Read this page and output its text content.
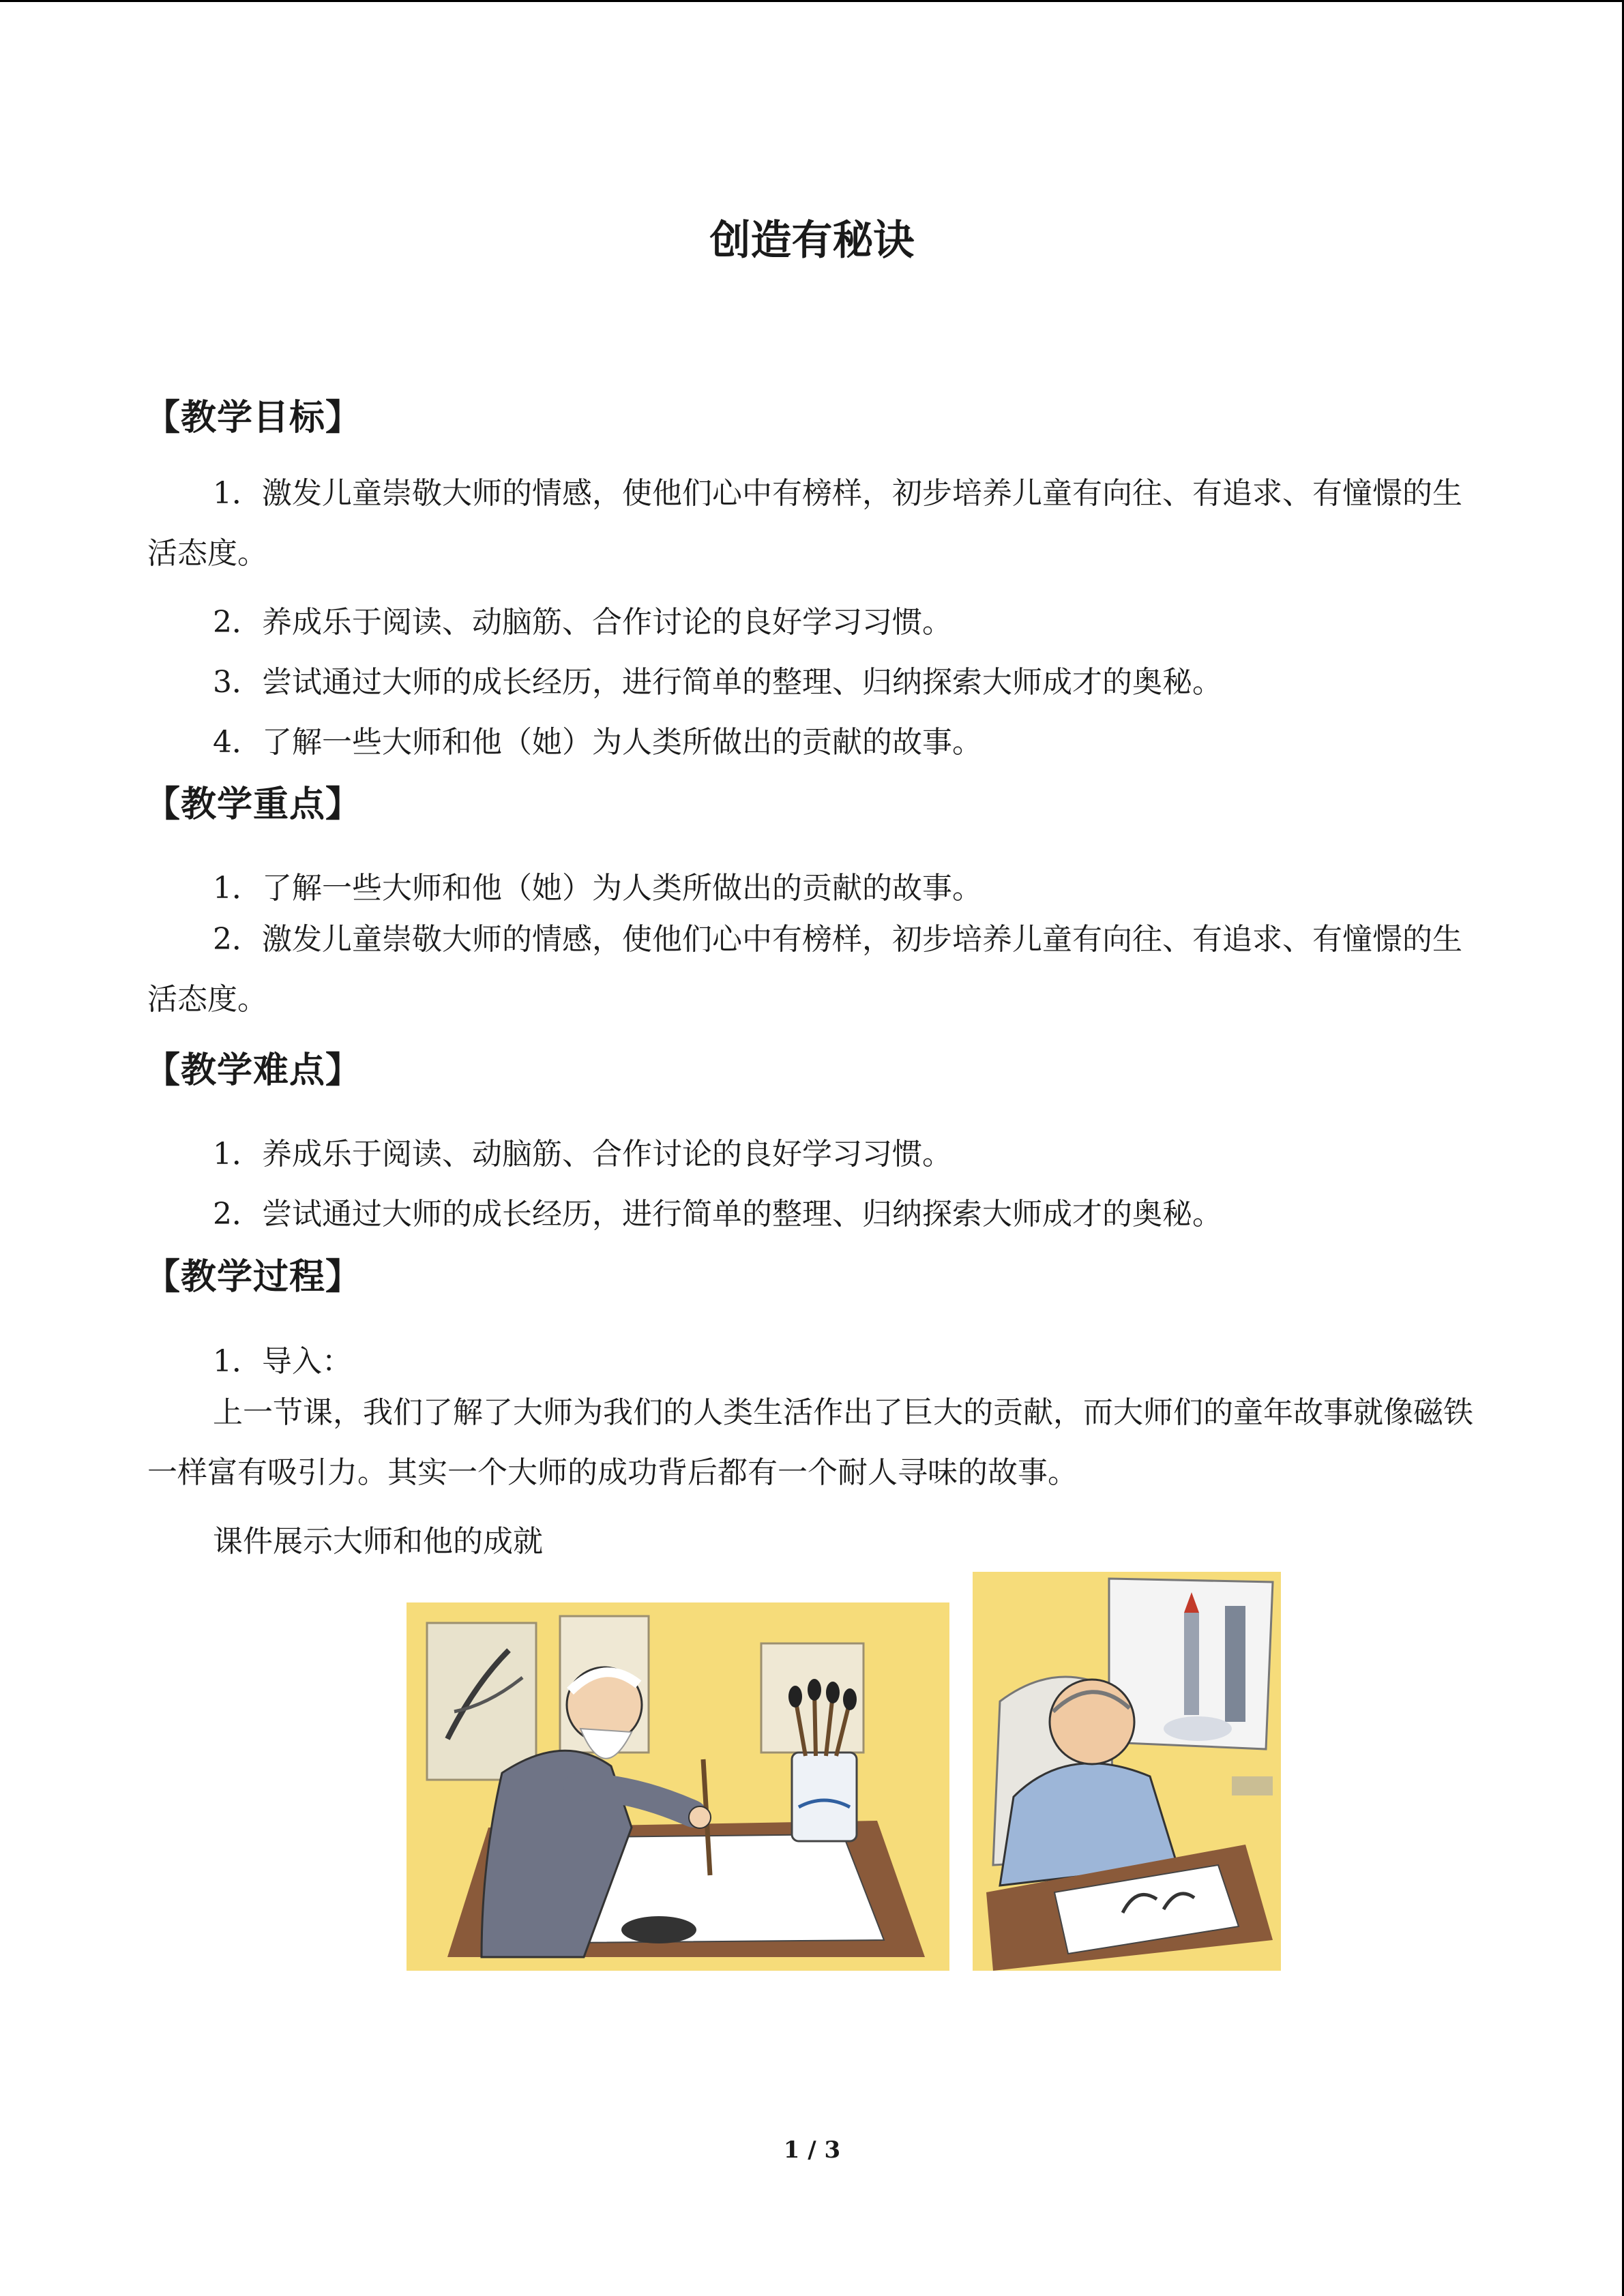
创造有秘诀
【教学目标】
1．激发儿童崇敬大师的情感，使他们心中有榜样，初步培养儿童有向往、有追求、有憧憬的生活态度。
2．养成乐于阅读、动脑筋、合作讨论的良好学习习惯。
3．尝试通过大师的成长经历，进行简单的整理、归纳探索大师成才的奥秘。
4．了解一些大师和他（她）为人类所做出的贡献的故事。
【教学重点】
1．了解一些大师和他（她）为人类所做出的贡献的故事。
2．激发儿童崇敬大师的情感，使他们心中有榜样，初步培养儿童有向往、有追求、有憧憬的生活态度。
【教学难点】
1．养成乐于阅读、动脑筋、合作讨论的良好学习习惯。
2．尝试通过大师的成长经历，进行简单的整理、归纳探索大师成才的奥秘。
【教学过程】
1．导入：
上一节课，我们了解了大师为我们的人类生活作出了巨大的贡献，而大师们的童年故事就像磁铁一样富有吸引力。其实一个大师的成功背后都有一个耐人寻味的故事。
课件展示大师和他的成就
1 / 3
